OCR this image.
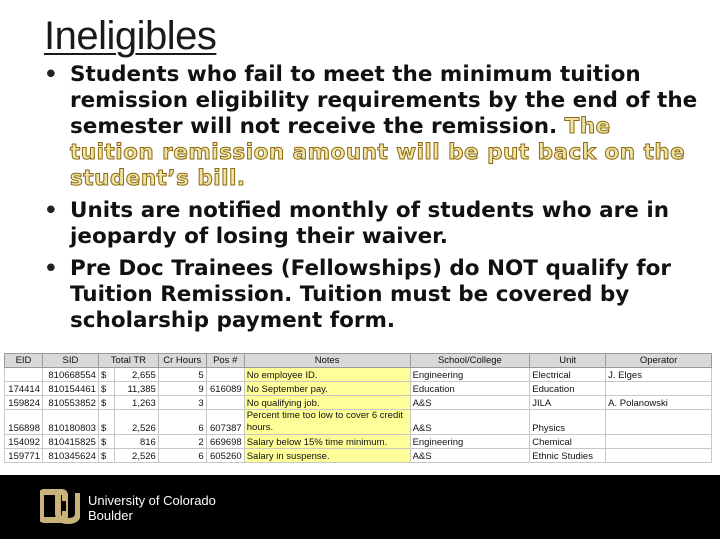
Ineligibles
• Students who fail to meet the minimum tuition remission eligibility requirements by the end of the semester will not receive the remission. The tuition remission amount will be put back on the student’s bill.
• Units are notified monthly of students who are in jeopardy of losing their waiver.
• Pre Doc Trainees (Fellowships) do NOT qualify for Tuition Remission. Tuition must be covered by scholarship payment form.
EID	SID	Total TR		Cr Hours	Pos #	Notes	School/College	Unit	Operator
	810668554	$	2,655	5		No employee ID.	Engineering	Electrical	J. Elges
174414	810154461	$	11,385	9	616089	No September pay.	Education	Education	
159824	810553852	$	1,263	3		No qualifying job.	A&S	JILA	A. Polanowski
156898	810180803	$	2,526	6	607387	Percent time too low to cover 6 credit hours.	A&S	Physics	
154092	810415825	$	816	2	669698	Salary below 15% time minimum.	Engineering	Chemical	
159771	810345624	$	2,526	6	605260	Salary in suspense.	A&S	Ethnic Studies	
University of Colorado
Boulder
